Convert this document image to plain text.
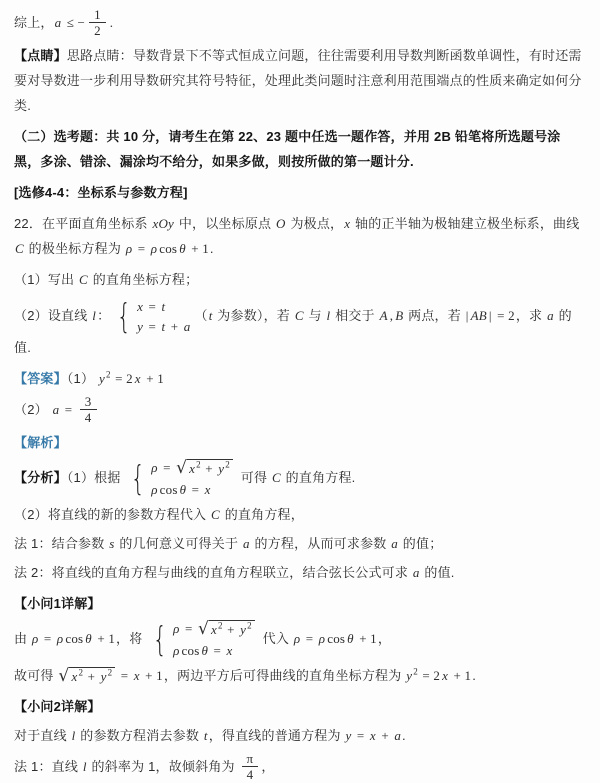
综上，a ≤ − $\frac{1}{2}$ .

【点睛】思路点睛：导数背景下不等式恒成立问题，往往需要利用导数判断函数单调性，有时还需要对导数进一步利用导数研究其符号特征，处理此类问题时注意利用范围端点的性质来确定如何分类.

（二）选考题：共 10 分，请考生在第 22、23 题中任选一题作答，并用 2B 铅笔将所选题号涂黑，多涂、错涂、漏涂均不给分，如果多做，则按所做的第一题计分.

[选修4-4：坐标系与参数方程]

22．在平面直角坐标系 xOy 中，以坐标原点 O 为极点，x 轴的正半轴为极轴建立极坐标系，曲线 C 的极坐标方程为 ρ = ρ cos θ + 1.

（1）写出 C 的直角坐标方程；

（2）设直线 l： { x = t
y = t + a
（t 为参数），若 C 与 l 相交于 A , B 两点，若 | AB | = 2，求 a 的值.

【答案】（1） $y^2 = 2$ x + 1

（2） $a = \frac{3}{4}$

【解析】

【分析】（1）根据 { ρ = √ $x^2 + y^2$
ρ cos θ = x
可得 C 的直角方程.

（2）将直线的新的参数方程代入 C 的直角方程，

法 1：结合参数 s 的几何意义可得关于 a 的方程，从而可求参数 a 的值；

法 2：将直线的直角方程与曲线的直角方程联立，结合弦长公式可求 a 的值.

【小问1详解】

由 ρ = ρ cos θ + 1，将 { ρ = √ $x^2 + y^2$
ρ cos θ = x
代入 ρ = ρ cos θ + 1，

故可得 √ $x^2 + y^2 = x + 1$，两边平方后可得曲线的直角坐标方程为 $y^2 = 2$ x + 1.

【小问2详解】

对于直线 l 的参数方程消去参数 t，得直线的普通方程为 y = x + a.

法 1：直线 l 的斜率为 1，故倾斜角为 $\frac{\pi}{4}$ ，
